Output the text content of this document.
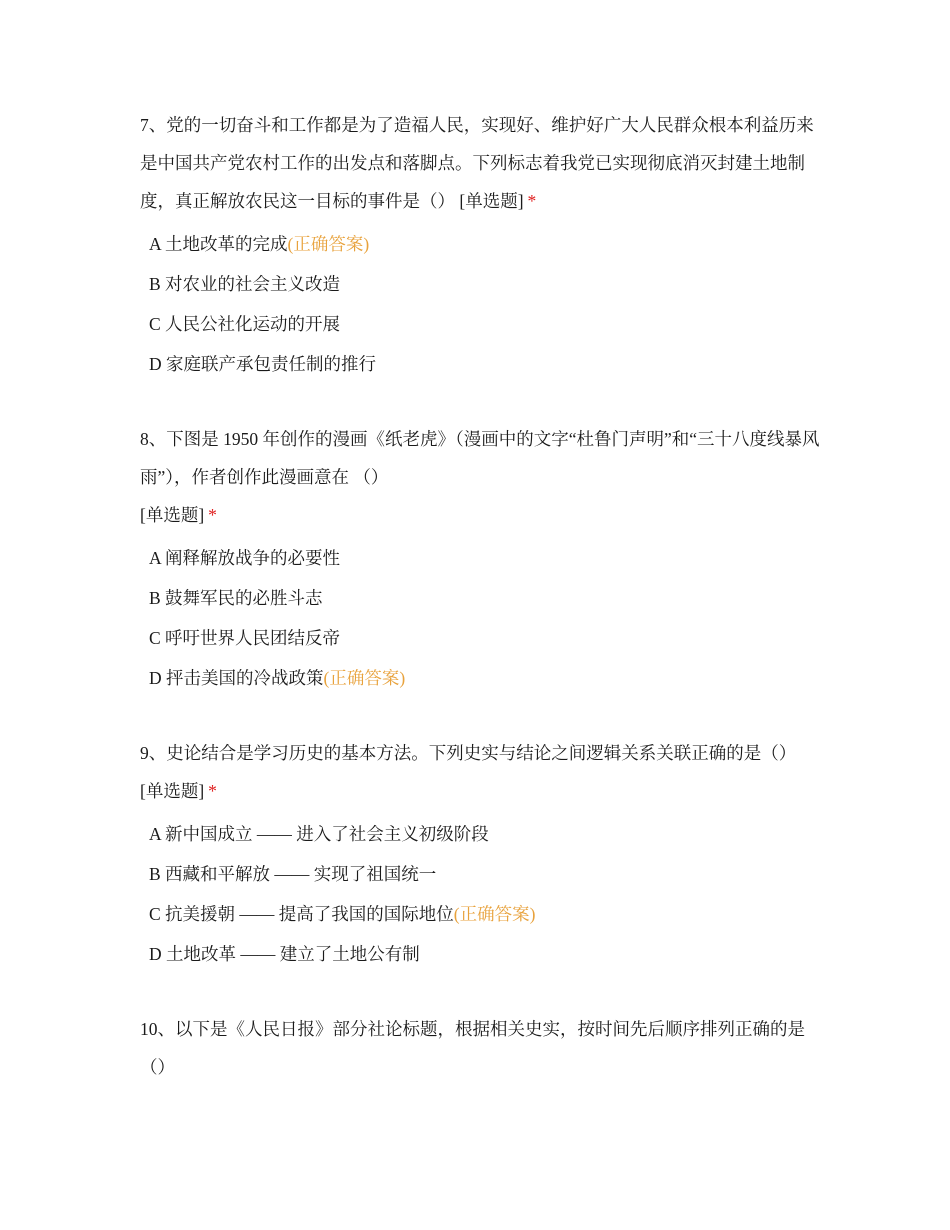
7、党的一切奋斗和工作都是为了造福人民，实现好、维护好广大人民群众根本利益历来是中国共产党农村工作的出发点和落脚点。下列标志着我党已实现彻底消灭封建土地制度，真正解放农民这一目标的事件是（） [单选题] *

A 土地改革的完成(正确答案)
B 对农业的社会主义改造
C 人民公社化运动的开展
D 家庭联产承包责任制的推行

8、下图是 1950 年创作的漫画《纸老虎》（漫画中的文字“杜鲁门声明”和“三十八度线暴风雨”），作者创作此漫画意在 （）

[单选题] *
A 阐释解放战争的必要性
B 鼓舞军民的必胜斗志
C 呼吁世界人民团结反帝
D 抨击美国的冷战政策(正确答案)

9、史论结合是学习历史的基本方法。下列史实与结论之间逻辑关系关联正确的是（） [单选题] *

A 新中国成立 —— 进入了社会主义初级阶段
B 西藏和平解放 —— 实现了祖国统一
C 抗美援朝 —— 提高了我国的国际地位(正确答案)
D 土地改革 —— 建立了土地公有制

10、以下是《人民日报》部分社论标题，根据相关史实，按时间先后顺序排列正确的是（）
